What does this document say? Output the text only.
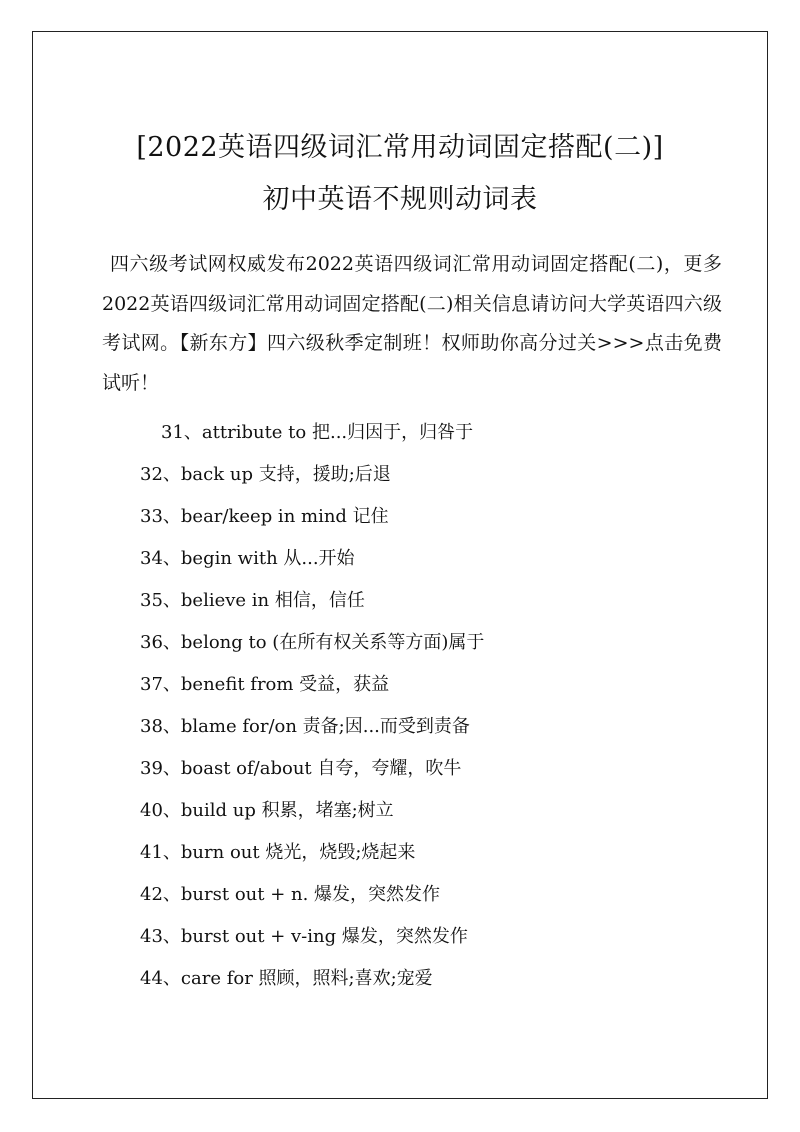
[2022英语四级词汇常用动词固定搭配(二)]
初中英语不规则动词表
四六级考试网权威发布2022英语四级词汇常用动词固定搭配(二)，更多2022英语四级词汇常用动词固定搭配(二)相关信息请访问大学英语四六级考试网。【新东方】四六级秋季定制班！权师助你高分过关>>>点击免费试听！
31、attribute to 把...归因于，归咎于
32、back up 支持，援助;后退
33、bear/keep in mind 记住
34、begin with 从...开始
35、believe in 相信，信任
36、belong to (在所有权关系等方面)属于
37、benefit from 受益，获益
38、blame for/on 责备;因...而受到责备
39、boast of/about 自夸，夸耀，吹牛
40、build up 积累，堵塞;树立
41、burn out 烧光，烧毁;烧起来
42、burst out + n. 爆发，突然发作
43、burst out + v-ing 爆发，突然发作
44、care for 照顾，照料;喜欢;宠爱
